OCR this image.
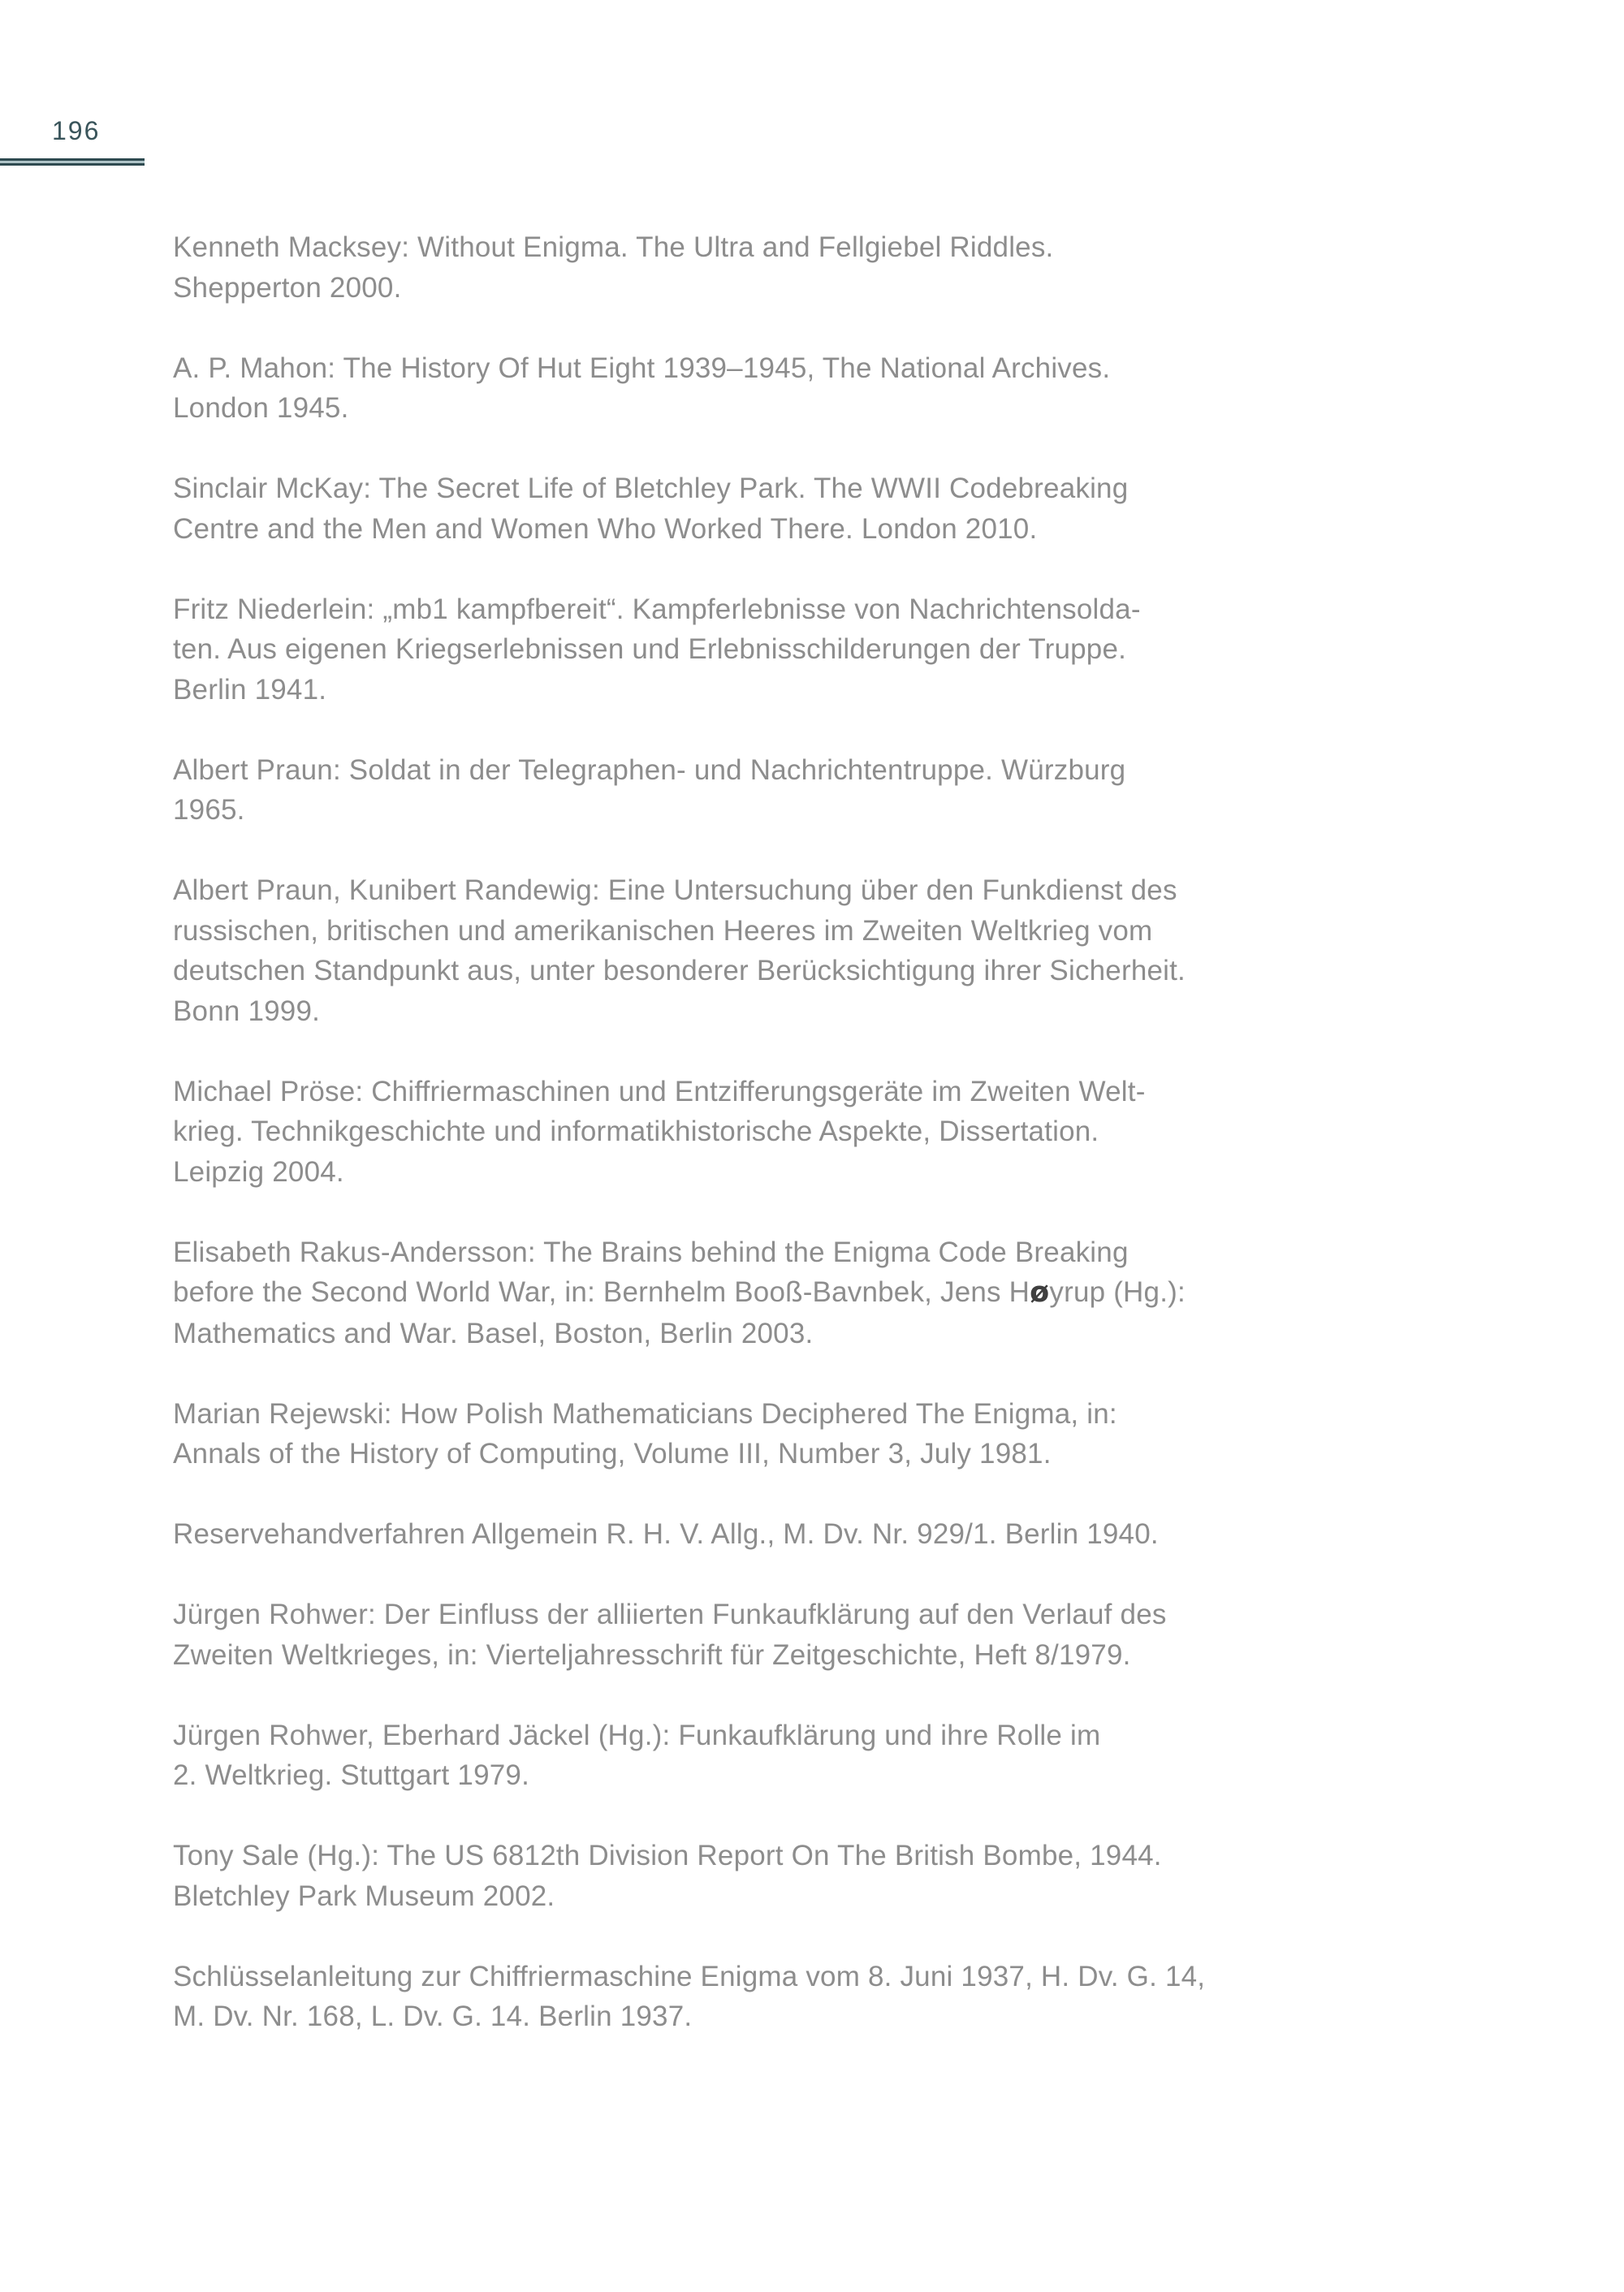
196
Kenneth Macksey: Without Enigma. The Ultra and Fellgiebel Riddles.
Shepperton 2000.
A. P. Mahon: The History Of Hut Eight 1939–1945, The National Archives.
London 1945.
Sinclair McKay: The Secret Life of Bletchley Park. The WWII Codebreaking
Centre and the Men and Women Who Worked There. London 2010.
Fritz Niederlein: „mb1 kampfbereit“. Kampferlebnisse von Nachrichtensolda-
ten. Aus eigenen Kriegserlebnissen und Erlebnisschilderungen der Truppe.
Berlin 1941.
Albert Praun: Soldat in der Telegraphen- und Nachrichtentruppe. Würzburg
1965.
Albert Praun, Kunibert Randewig: Eine Untersuchung über den Funkdienst des
russischen, britischen und amerikanischen Heeres im Zweiten Weltkrieg vom
deutschen Standpunkt aus, unter besonderer Berücksichtigung ihrer Sicherheit.
Bonn 1999.
Michael Pröse: Chiffriermaschinen und Entzifferungsgeräte im Zweiten Welt-
krieg. Technikgeschichte und informatikhistorische Aspekte, Dissertation.
Leipzig 2004.
Elisabeth Rakus-Andersson: The Brains behind the Enigma Code Breaking
before the Second World War, in: Bernhelm Booß-Bavnbek, Jens Høyrup (Hg.):
Mathematics and War. Basel, Boston, Berlin 2003.
Marian Rejewski: How Polish Mathematicians Deciphered The Enigma, in:
Annals of the History of Computing, Volume III, Number 3, July 1981.
Reservehandverfahren Allgemein R. H. V. Allg., M. Dv. Nr. 929/1. Berlin 1940.
Jürgen Rohwer: Der Einfluss der alliierten Funkaufklärung auf den Verlauf des
Zweiten Weltkrieges, in: Vierteljahresschrift für Zeitgeschichte, Heft 8/1979.
Jürgen Rohwer, Eberhard Jäckel (Hg.): Funkaufklärung und ihre Rolle im
2. Weltkrieg. Stuttgart 1979.
Tony Sale (Hg.): The US 6812th Division Report On The British Bombe, 1944.
Bletchley Park Museum 2002.
Schlüsselanleitung zur Chiffriermaschine Enigma vom 8. Juni 1937, H. Dv. G. 14,
M. Dv. Nr. 168, L. Dv. G. 14. Berlin 1937.
